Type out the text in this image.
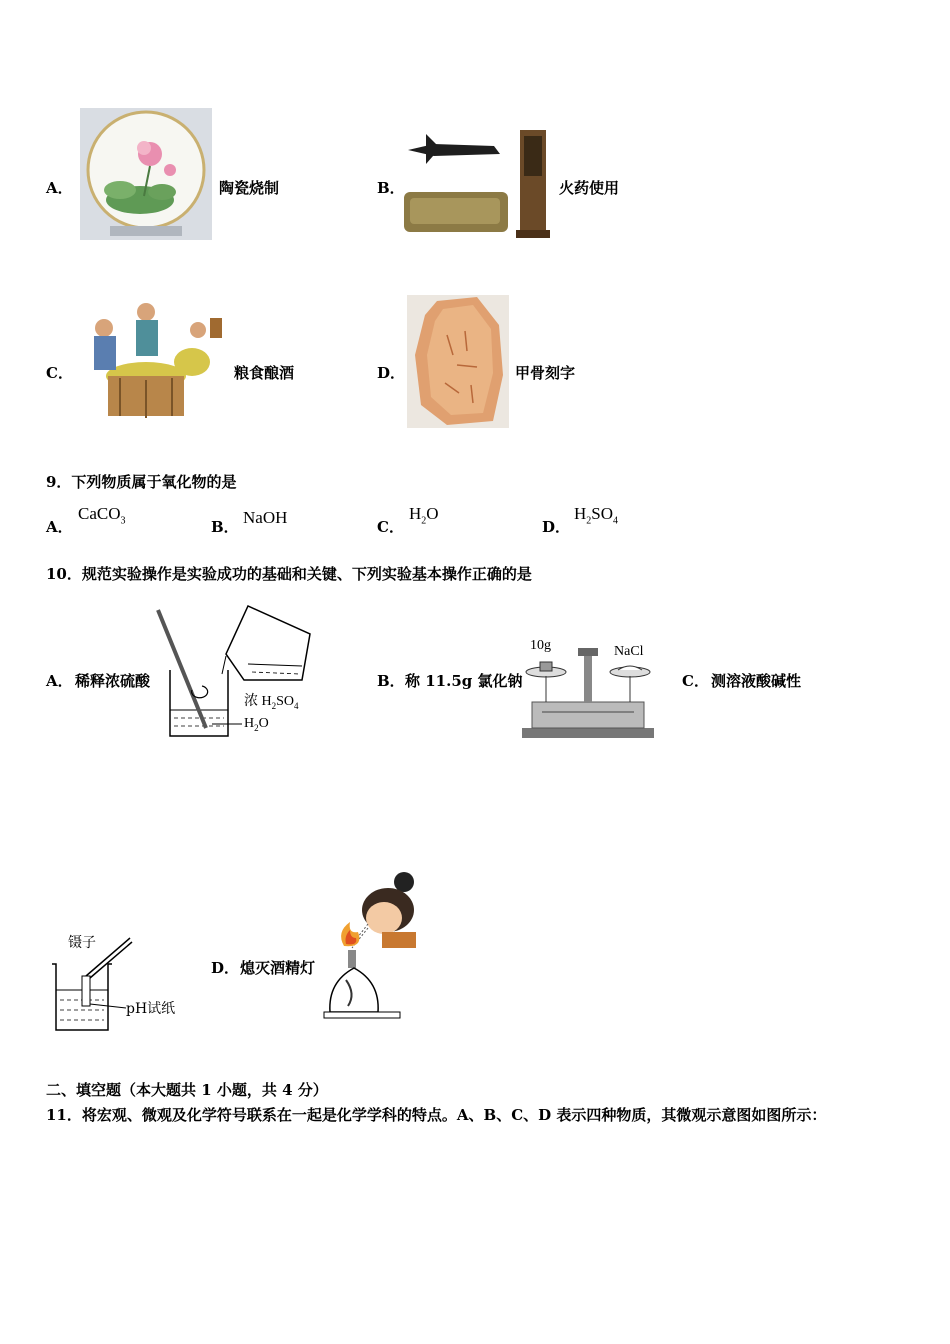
A．	陶瓷烧制	B．	火药使用
C．	粮食酿酒	D．	甲骨刻字
9．下列物质属于氧化物的是
A．
CaCO$_3$	B． NaOH	C．
$H_2O$
D．
$H_2SO_4$
10．规范实验操作是实验成功的基础和关键、下列实验基本操作正确的是
A． 稀释浓硫酸
浓 $H_2SO_4$
$H_2O$
B． 称 11.5g 氯化钠
10g	NaCl
C． 测溶液酸碱性
镊子
pH试纸
D． 熄灭酒精灯
二、填空题（本大题共 1 小题，共 4 分）
11．将宏观、微观及化学符号联系在一起是化学学科的特点。A、B、C、D 表示四种物质，其微观示意图如图所示：
